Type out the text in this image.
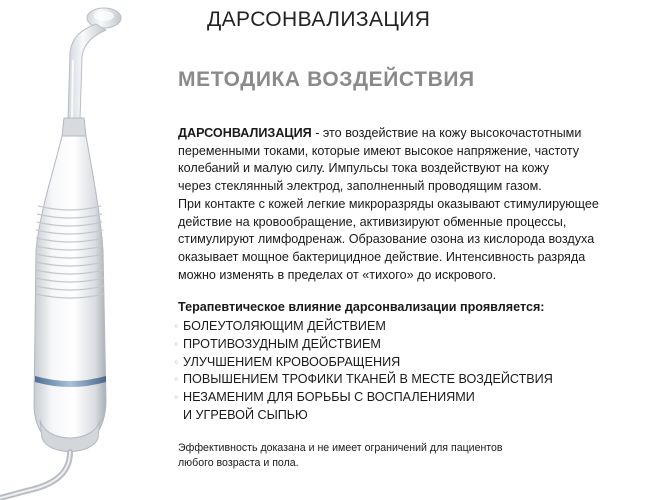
ДАРСОНВАЛИЗАЦИЯ
МЕТОДИКА ВОЗДЕЙСТВИЯ
ДАРСОНВАЛИЗАЦИЯ - это воздействие на кожу высокочастотными
переменными токами, которые имеют высокое напряжение, частоту
колебаний и малую силу. Импульсы тока воздействуют на кожу
через стеклянный электрод, заполненный проводящим газом.
При контакте с кожей легкие микроразряды оказывают стимулирующее
действие на кровообращение, активизируют обменные процессы,
стимулируют лимфодренаж. Образование озона из кислорода воздуха
оказывает мощное бактерицидное действие. Интенсивность разряда
можно изменять в пределах от «тихого» до искрового.
Терапевтическое влияние дарсонвализации проявляется:
◦ БОЛЕУТОЛЯЮЩИМ ДЕЙСТВИЕМ
◦ ПРОТИВОЗУДНЫМ ДЕЙСТВИЕМ
◦ УЛУЧШЕНИЕМ КРОВООБРАЩЕНИЯ
◦ ПОВЫШЕНИЕМ ТРОФИКИ ТКАНЕЙ В МЕСТЕ ВОЗДЕЙСТВИЯ
◦ НЕЗАМЕНИМ ДЛЯ БОРЬБЫ С ВОСПАЛЕНИЯМИ
И УГРЕВОЙ СЫПЬЮ
Эффективность доказана и не имеет ограничений для пациентов
любого возраста и пола.
